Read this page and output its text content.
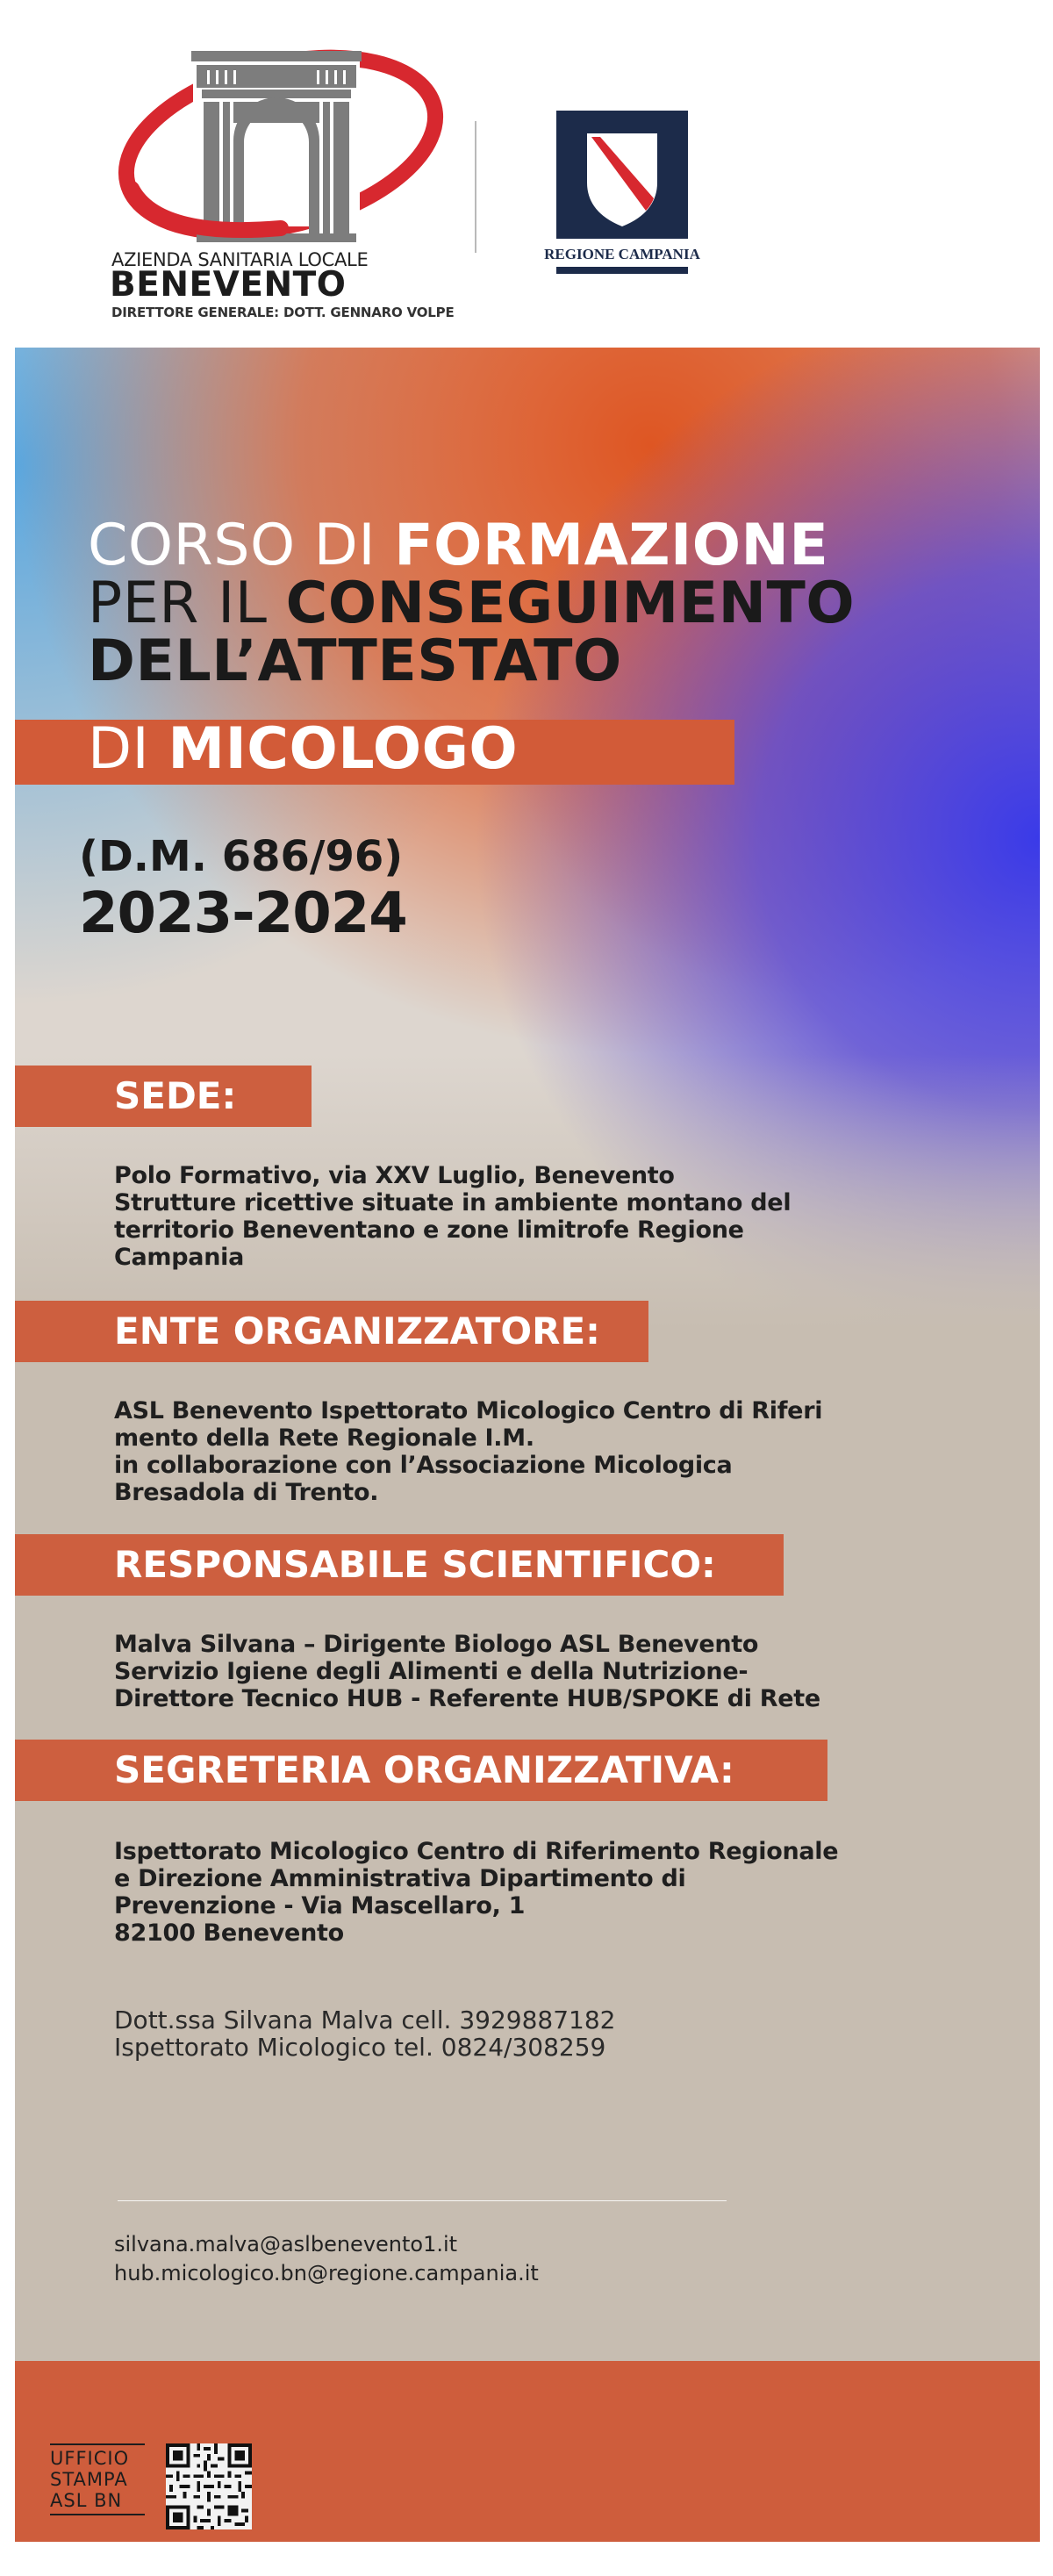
AZIENDA SANITARIA LOCALE
BENEVENTO
DIRETTORE GENERALE: DOTT. GENNARO VOLPE
REGIONE CAMPANIA
CORSO DI FORMAZIONE
PER IL CONSEGUIMENTO
DELL’ATTESTATO
DI MICOLOGO
(D.M. 686/96)
2023-2024
SEDE:
Polo Formativo, via XXV Luglio, Benevento
Strutture ricettive situate in ambiente montano del
territorio Beneventano e zone limitrofe Regione
Campania
ENTE ORGANIZZATORE:
ASL Benevento Ispettorato Micologico Centro di Riferi
mento della Rete Regionale I.M.
in collaborazione con l’Associazione Micologica
Bresadola di Trento.
RESPONSABILE SCIENTIFICO:
Malva Silvana – Dirigente Biologo ASL Benevento
Servizio Igiene degli Alimenti e della Nutrizione-
Direttore Tecnico HUB - Referente HUB/SPOKE di Rete
SEGRETERIA ORGANIZZATIVA:
Ispettorato Micologico Centro di Riferimento Regionale
e Direzione Amministrativa Dipartimento di
Prevenzione - Via Mascellaro, 1
82100 Benevento
Dott.ssa Silvana Malva cell. 3929887182
Ispettorato Micologico tel. 0824/308259
silvana.malva@aslbenevento1.it
hub.micologico.bn@regione.campania.it
UFFICIO
STAMPA
ASL BN
